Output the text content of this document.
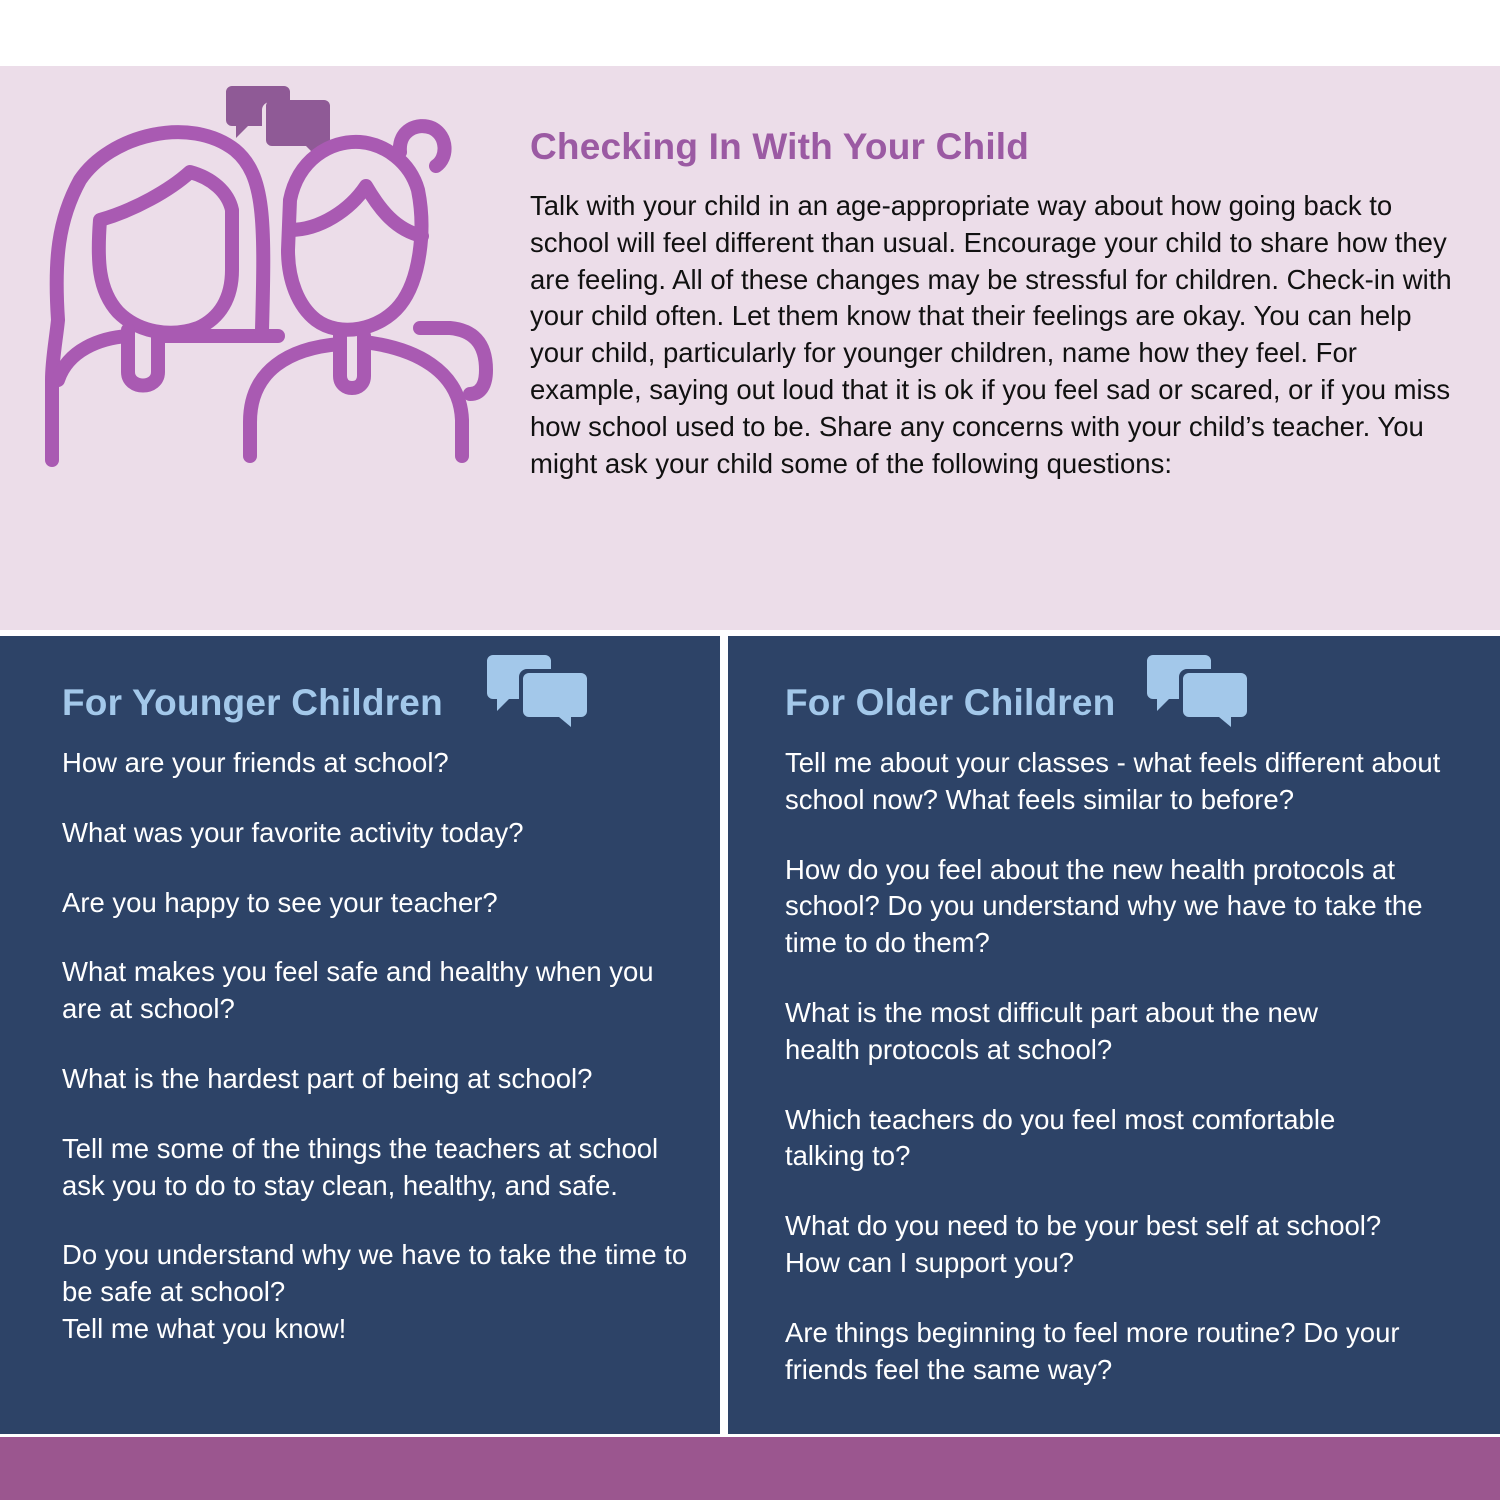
Checking In With Your Child

Talk with your child in an age-appropriate way about how going back to school will feel different than usual. Encourage your child to share how they are feeling. All of these changes may be stressful for children. Check-in with your child often. Let them know that their feelings are okay. You can help your child, particularly for younger children, name how they feel. For example, saying out loud that it is ok if you feel sad or scared, or if you miss how school used to be. Share any concerns with your child’s teacher. You might ask your child some of the following questions:

For Younger Children	For Older Children
How are your friends at school?
What was your favorite activity today?
Are you happy to see your teacher?
What makes you feel safe and healthy when you are at school?
What is the hardest part of being at school?
Tell me some of the things the teachers at school ask you to do to stay clean, healthy, and safe.
Do you understand why we have to take the time to be safe at school?
Tell me what you know!
Tell me about your classes - what feels different about school now? What feels similar to before?
How do you feel about the new health protocols at school? Do you understand why we have to take the time to do them?
What is the most difficult part about the new health protocols at school?
Which teachers do you feel most comfortable talking to?
What do you need to be your best self at school?
How can I support you?
Are things beginning to feel more routine? Do your friends feel the same way?
